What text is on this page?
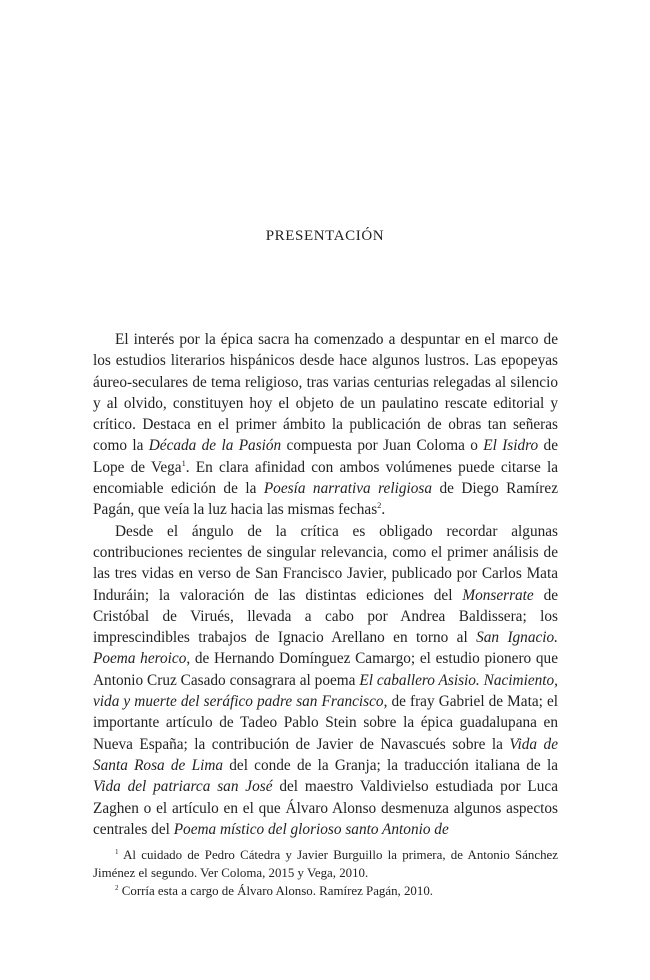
PRESENTACIÓN

El interés por la épica sacra ha comenzado a despuntar en el marco de los estudios literarios hispánicos desde hace algunos lustros. Las epopeyas áureo-seculares de tema religioso, tras varias centurias relegadas al silencio y al olvido, constituyen hoy el objeto de un paulatino rescate editorial y crítico. Destaca en el primer ámbito la publicación de obras tan señeras como la Década de la Pasión compuesta por Juan Coloma o El Isidro de Lope de Vega$^1$. En clara afinidad con ambos volúmenes puede citarse la encomiable edición de la Poesía narrativa religiosa de Diego Ramírez Pagán, que veía la luz hacia las mismas fechas$^2$.

Desde el ángulo de la crítica es obligado recordar algunas contribuciones recientes de singular relevancia, como el primer análisis de las tres vidas en verso de San Francisco Javier, publicado por Carlos Mata Induráin; la valoración de las distintas ediciones del Monserrate de Cristóbal de Virués, llevada a cabo por Andrea Baldissera; los imprescindibles trabajos de Ignacio Arellano en torno al San Ignacio. Poema heroico, de Hernando Domínguez Camargo; el estudio pionero que Antonio Cruz Casado consagrara al poema El caballero Asisio. Nacimiento, vida y muerte del seráfico padre san Francisco, de fray Gabriel de Mata; el importante artículo de Tadeo Pablo Stein sobre la épica guadalupana en Nueva España; la contribución de Javier de Navascués sobre la Vida de Santa Rosa de Lima del conde de la Granja; la traducción italiana de la Vida del patriarca san José del maestro Valdivielso estudiada por Luca Zaghen o el artículo en el que Álvaro Alonso desmenuza algunos aspectos centrales del Poema místico del glorioso santo Antonio de

$^1$ Al cuidado de Pedro Cátedra y Javier Burguillo la primera, de Antonio Sánchez Jiménez el segundo. Ver Coloma, 2015 y Vega, 2010.

$^2$ Corría esta a cargo de Álvaro Alonso. Ramírez Pagán, 2010.
